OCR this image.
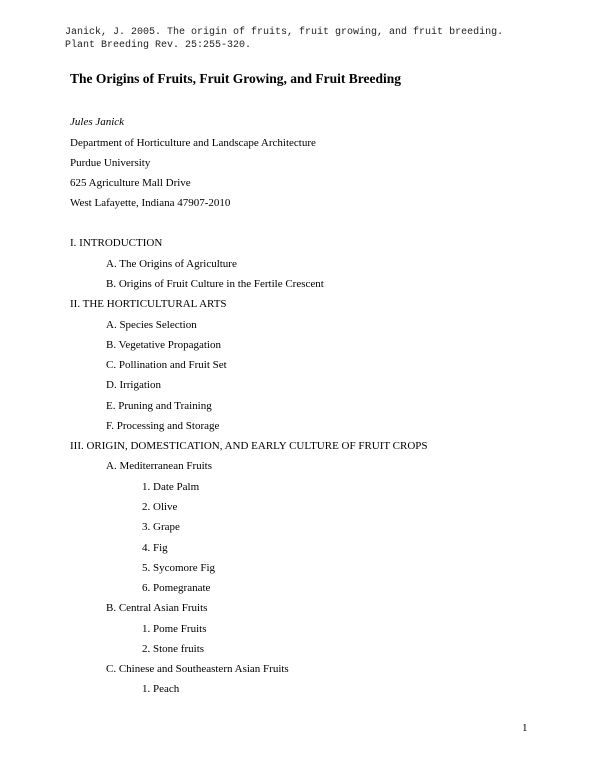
Janick, J. 2005. The origin of fruits, fruit growing, and fruit breeding.
Plant Breeding Rev. 25:255-320.
The Origins of Fruits, Fruit Growing, and Fruit Breeding
Jules Janick
Department of Horticulture and Landscape Architecture
Purdue University
625 Agriculture Mall Drive
West Lafayette, Indiana 47907-2010
I. INTRODUCTION
A. The Origins of Agriculture
B. Origins of Fruit Culture in the Fertile Crescent
II. THE HORTICULTURAL ARTS
A. Species Selection
B. Vegetative Propagation
C. Pollination and Fruit Set
D. Irrigation
E. Pruning and Training
F. Processing and Storage
III. ORIGIN, DOMESTICATION, AND EARLY CULTURE OF FRUIT CROPS
A. Mediterranean Fruits
1. Date Palm
2. Olive
3. Grape
4. Fig
5. Sycomore Fig
6. Pomegranate
B. Central Asian Fruits
1. Pome Fruits
2. Stone fruits
C. Chinese and Southeastern Asian Fruits
1. Peach
1
